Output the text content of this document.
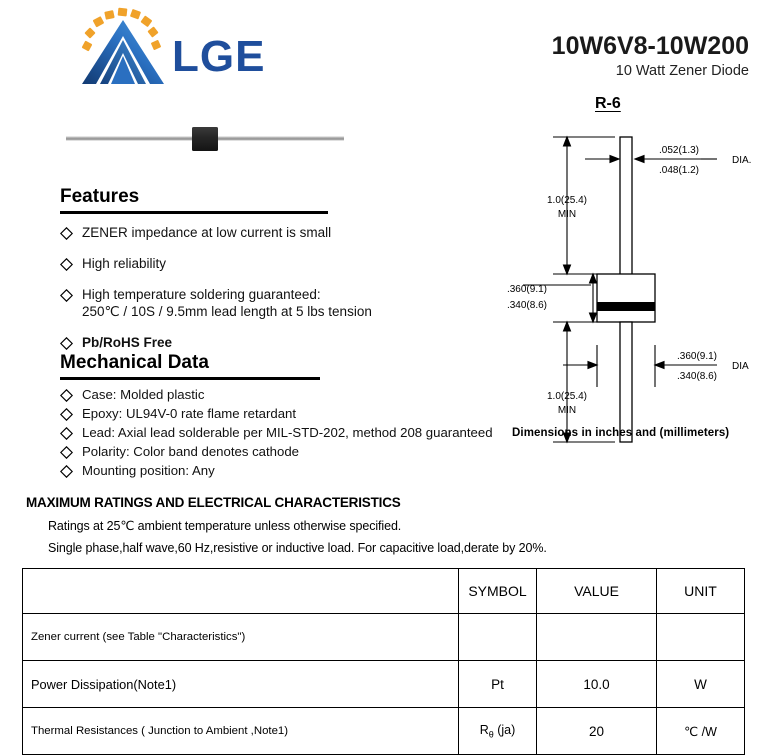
LGE	10W6V8-10W200
10 Watt Zener Diode
Features
ZENER impedance at low current is small
High reliability
High temperature soldering guaranteed:
250℃ / 10S / 9.5mm lead length at 5 lbs tension
Pb/RoHS Free
Mechanical Data
Case: Molded plastic
Epoxy: UL94V-0 rate flame retardant
Lead: Axial lead solderable per MIL-STD-202, method 208 guaranteed
Polarity: Color band denotes cathode
Mounting position: Any
R-6
.052(1.3)
.048(1.2)
DIA.
1.0(25.4)
MIN
.360(9.1)
.340(8.6)
.360(9.1)
.340(8.6)
DIA
1.0(25.4)
MIN
Dimensions in inches and (millimeters)
MAXIMUM RATINGS AND ELECTRICAL CHARACTERISTICS
Ratings at 25℃ ambient temperature unless otherwise specified.
Single phase,half wave,60 Hz,resistive or inductive load. For capacitive load,derate by 20%.
	SYMBOL	VALUE	UNIT
Zener current (see Table "Characteristics")			
Power Dissipation(Note1)	Pt	10.0	W
Thermal Resistances ( Junction to Ambient ,Note1)	$R_\theta$ (ja)	20	℃ /W
